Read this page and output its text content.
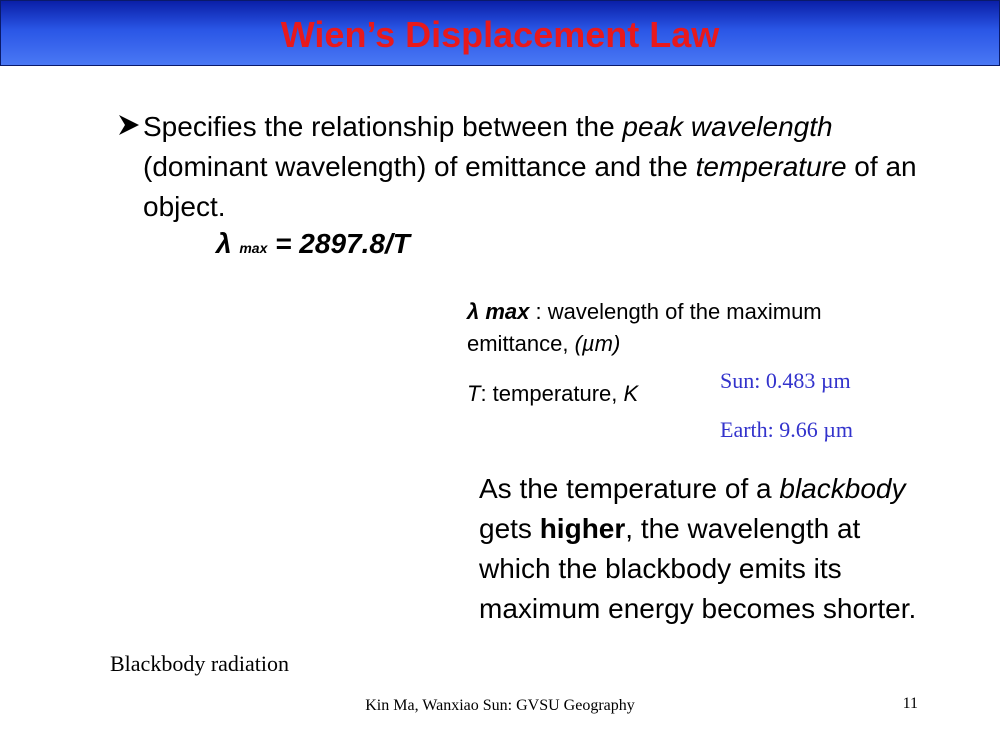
Wien’s Displacement Law
Specifies the relationship between the peak wavelength (dominant wavelength) of emittance and the temperature of an object.
λ max = 2897.8/T
λ max : wavelength of the maximum emittance, (µm)
T: temperature, K
Sun: 0.483 µm
Earth: 9.66 µm
As the temperature of a blackbody gets higher, the wavelength at which the blackbody emits its maximum energy becomes shorter.
Blackbody radiation
Kin Ma, Wanxiao Sun: GVSU Geography	11
